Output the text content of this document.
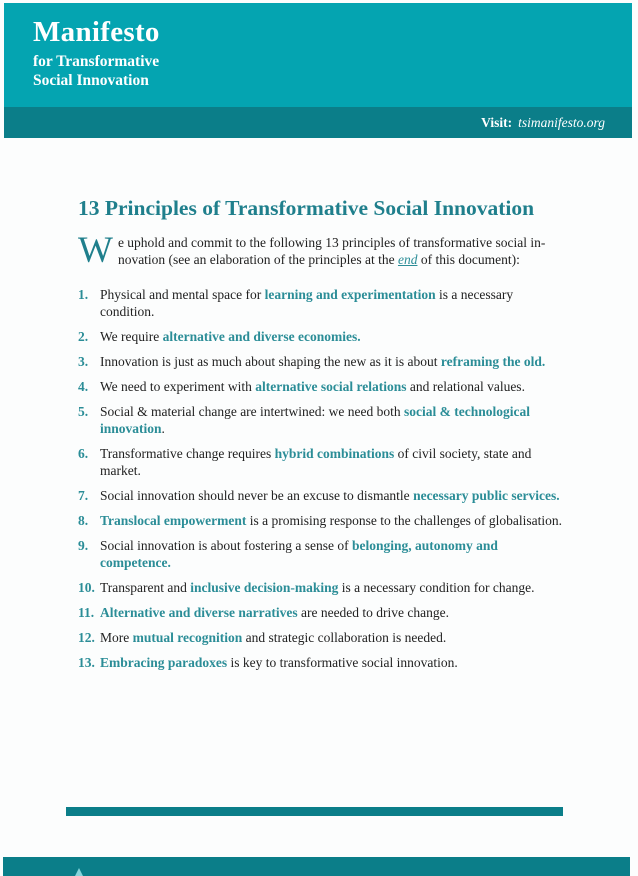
Manifesto
for Transformative
Social Innovation
Visit: tsimanifesto.org
13 Principles of Transformative Social Innovation

W e uphold and commit to the following 13 principles of transformative social in-
novation (see an elaboration of the principles at the end of this document):

1. Physical and mental space for learning and experimentation is a necessary condition.
2. We require alternative and diverse economies.
3. Innovation is just as much about shaping the new as it is about reframing the old.
4. We need to experiment with alternative social relations and relational values.
5. Social & material change are intertwined: we need both social & technological innovation.
6. Transformative change requires hybrid combinations of civil society, state and market.
7. Social innovation should never be an excuse to dismantle necessary public services.
8. Translocal empowerment is a promising response to the challenges of globalisation.
9. Social innovation is about fostering a sense of belonging, autonomy and competence.
10. Transparent and inclusive decision-making is a necessary condition for change.
11. Alternative and diverse narratives are needed to drive change.
12. More mutual recognition and strategic collaboration is needed.
13. Embracing paradoxes is key to transformative social innovation.
